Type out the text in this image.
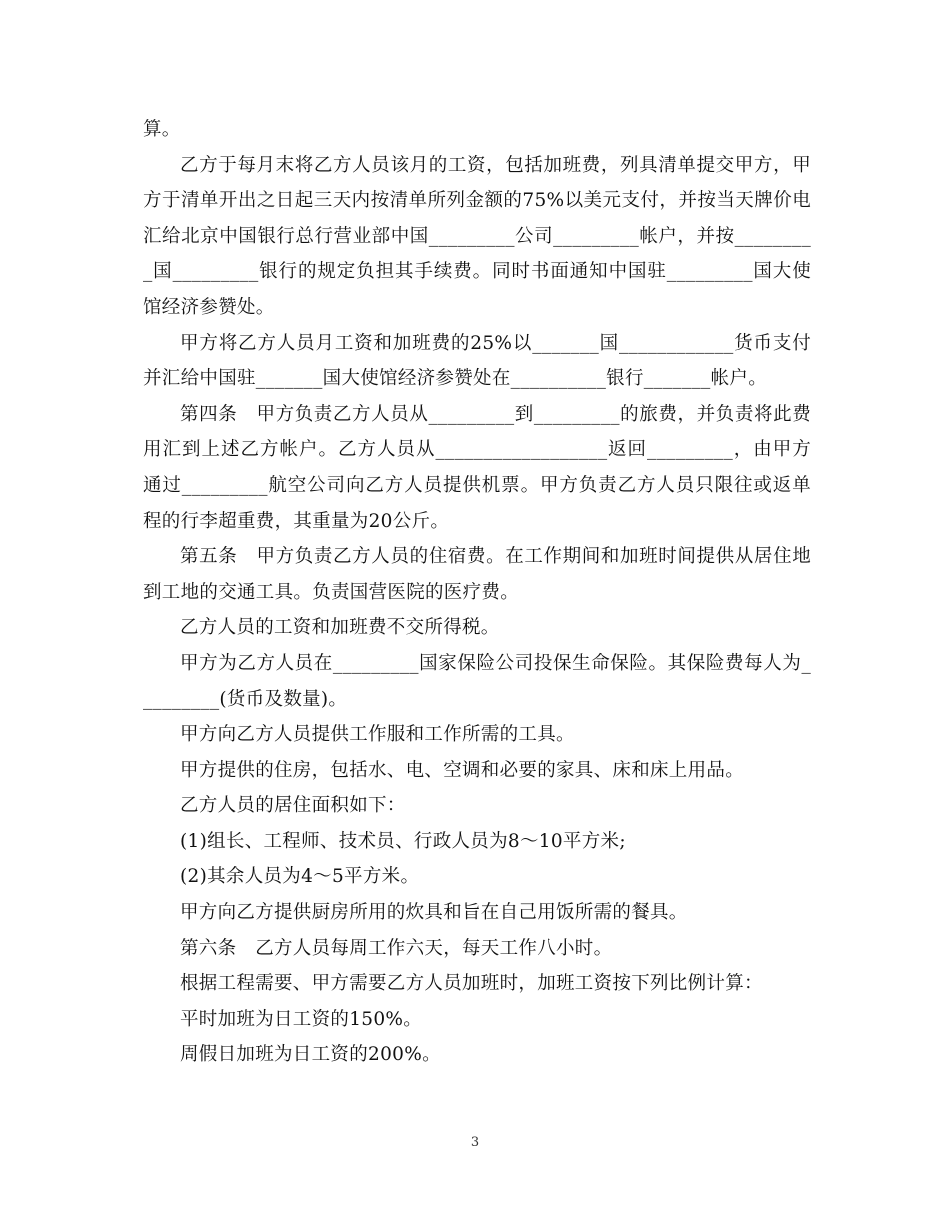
算。

乙方于每月末将乙方人员该月的工资，包括加班费，列具清单提交甲方，甲方于清单开出之日起三天内按清单所列金额的75%以美元支付，并按当天牌价电汇给北京中国银行总行营业部中国_________公司_________帐户，并按_________国_________银行的规定负担其手续费。同时书面通知中国驻_________国大使馆经济参赞处。

甲方将乙方人员月工资和加班费的25%以_______国____________货币支付并汇给中国驻_______国大使馆经济参赞处在__________银行_______帐户。

第四条　甲方负责乙方人员从_________到_________的旅费，并负责将此费用汇到上述乙方帐户。乙方人员从__________________返回_________，由甲方通过_________航空公司向乙方人员提供机票。甲方负责乙方人员只限往或返单程的行李超重费，其重量为20公斤。

第五条　甲方负责乙方人员的住宿费。在工作期间和加班时间提供从居住地到工地的交通工具。负责国营医院的医疗费。

乙方人员的工资和加班费不交所得税。

甲方为乙方人员在_________国家保险公司投保生命保险。其保险费每人为_________(货币及数量)。

甲方向乙方人员提供工作服和工作所需的工具。

甲方提供的住房，包括水、电、空调和必要的家具、床和床上用品。

乙方人员的居住面积如下：

(1)组长、工程师、技术员、行政人员为8～10平方米;

(2)其余人员为4～5平方米。

甲方向乙方提供厨房所用的炊具和旨在自己用饭所需的餐具。

第六条　乙方人员每周工作六天，每天工作八小时。

根据工程需要、甲方需要乙方人员加班时，加班工资按下列比例计算：

平时加班为日工资的150%。

周假日加班为日工资的200%。

3
